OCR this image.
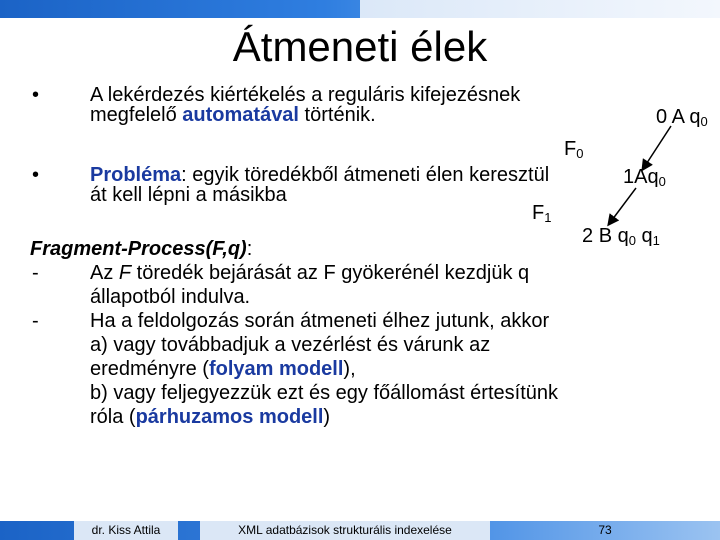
Átmeneti élek
•	A lekérdezés kiértékelés a reguláris kifejezésnek megfelelő automatával történik.
•	Probléma: egyik töredékből átmeneti élen keresztül át kell lépni a másikba
$F_0$
$F_1$
0 A $q_0$
$1Aq_0$
2 B $q_0$ $q_1$
Fragment-Process(F,q):
-	Az F töredék bejárását az F gyökerénél kezdjük q állapotból indulva.
-	Ha a feldolgozás során átmeneti élhez jutunk, akkor
a) vagy továbbadjuk a vezérlést és várunk az eredményre (folyam modell),
b) vagy feljegyezzük ezt és egy főállomást értesítünk róla (párhuzamos modell)
dr. Kiss Attila	XML adatbázisok strukturális indexelése	73
